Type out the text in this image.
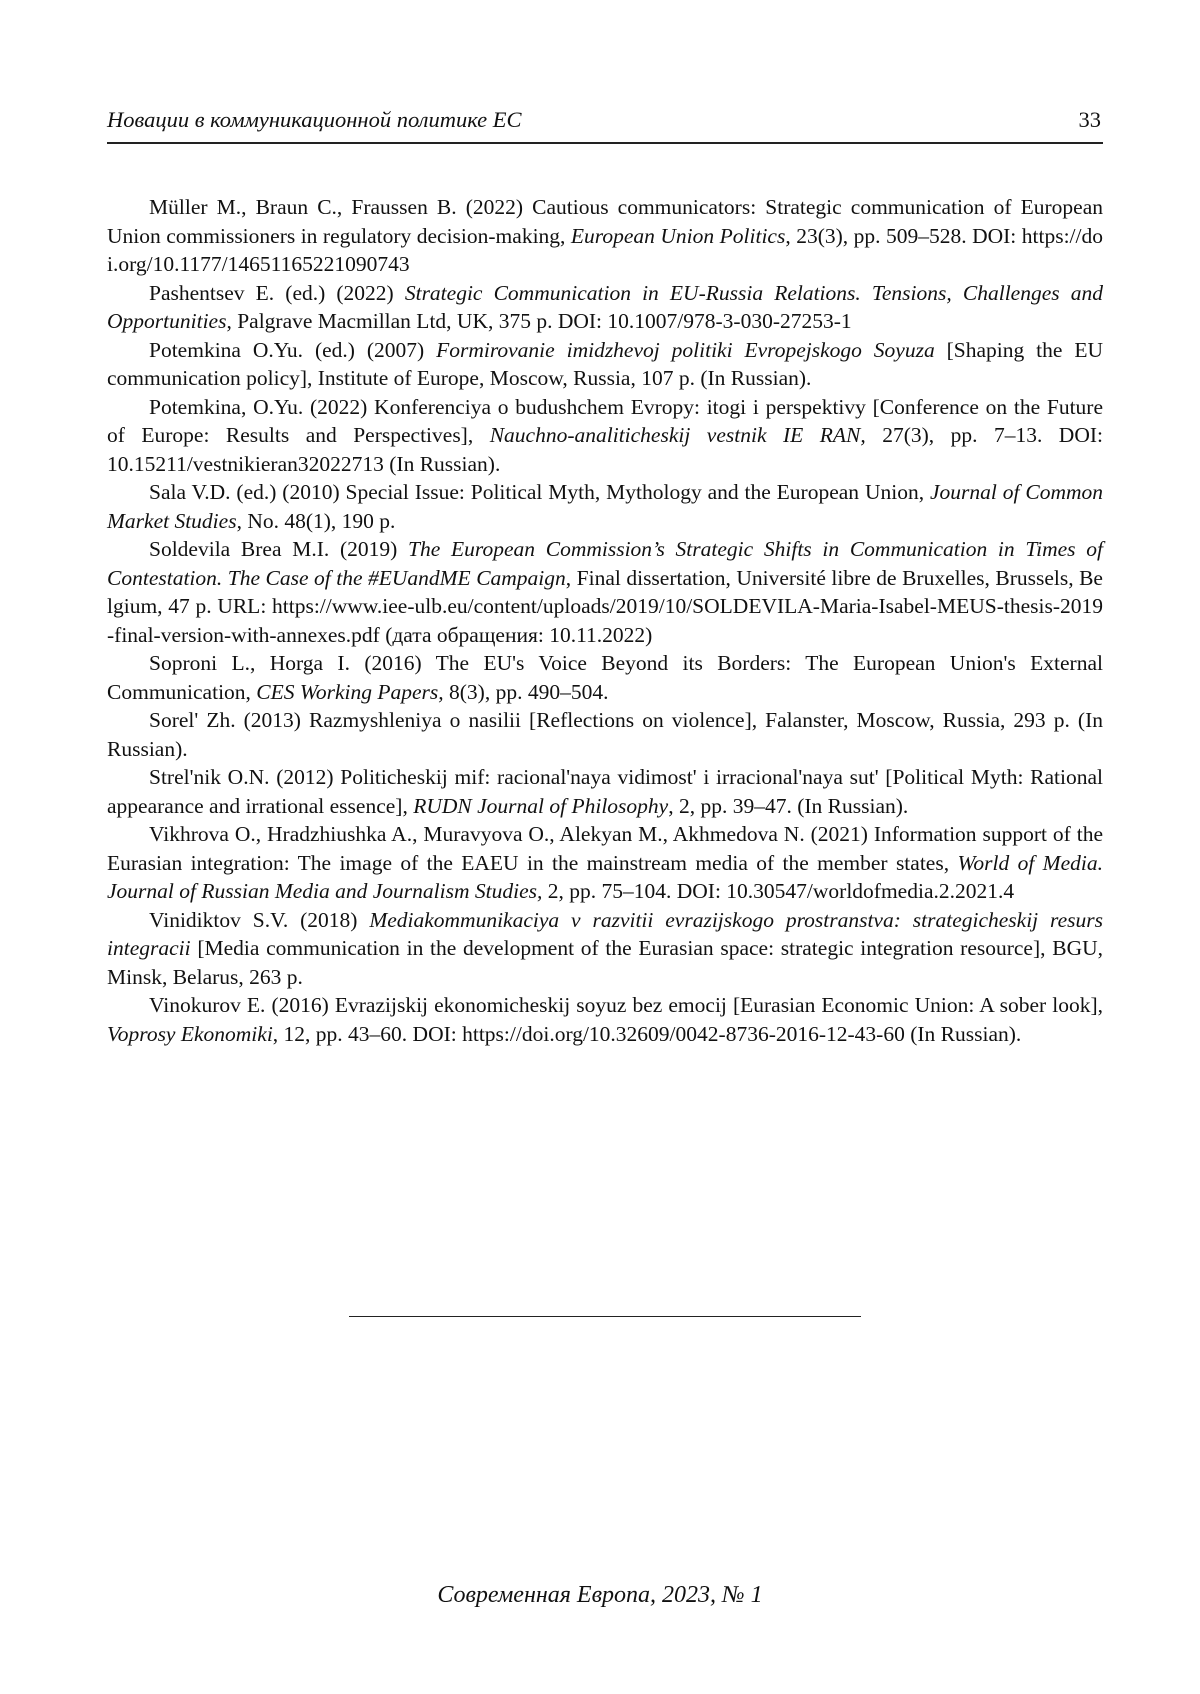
Новации в коммуникационной политике ЕС	33

Müller M., Braun C., Fraussen B. (2022) Cautious communicators: Strategic communication of European Union commissioners in regulatory decision-making, European Union Politics, 23(3), pp. 509–528. DOI: https://doi.org/10.1177/14651165221090743

Pashentsev E. (ed.) (2022) Strategic Communication in EU-Russia Relations. Tensions, Challenges and Opportunities, Palgrave Macmillan Ltd, UK, 375 p. DOI: 10.1007/978-3-030-27253-1

Potemkina O.Yu. (ed.) (2007) Formirovanie imidzhevoj politiki Evropejskogo Soyuza [Shaping the EU communication policy], Institute of Europe, Moscow, Russia, 107 p. (In Russian).

Potemkina, O.Yu. (2022) Konferenciya o budushchem Evropy: itogi i perspektivy [Conference on the Future of Europe: Results and Perspectives], Nauchno-analiticheskij vestnik IE RAN, 27(3), pp. 7–13. DOI: 10.15211/vestnikieran32022713 (In Russian).

Sala V.D. (ed.) (2010) Special Issue: Political Myth, Mythology and the European Union, Journal of Common Market Studies, No. 48(1), 190 p.

Soldevila Brea M.I. (2019) The European Commission’s Strategic Shifts in Communication in Times of Contestation. The Case of the #EUandME Campaign, Final dissertation, Université libre de Bruxelles, Brussels, Belgium, 47 p. URL: https://www.iee-ulb.eu/content/uploads/2019/10/SOLDEVILA-Maria-Isabel-MEUS-thesis-2019-final-version-with-annexes.pdf (дата обращения: 10.11.2022)

Soproni L., Horga I. (2016) The EU's Voice Beyond its Borders: The European Union's External Communication, CES Working Papers, 8(3), pp. 490–504.

Sorel' Zh. (2013) Razmyshleniya o nasilii [Reflections on violence], Falanster, Moscow, Russia, 293 p. (In Russian).

Strel'nik O.N. (2012) Politicheskij mif: racional'naya vidimost' i irracional'naya sut' [Political Myth: Rational appearance and irrational essence], RUDN Journal of Philosophy, 2, pp. 39–47. (In Russian).

Vikhrova O., Hradzhiushka A., Muravyova O., Alekyan M., Akhmedova N. (2021) Information support of the Eurasian integration: The image of the EAEU in the mainstream media of the member states, World of Media. Journal of Russian Media and Journalism Studies, 2, pp. 75–104. DOI: 10.30547/worldofmedia.2.2021.4

Vinidiktov S.V. (2018) Mediakommunikaciya v razvitii evrazijskogo prostranstva: strategicheskij resurs integracii [Media communication in the development of the Eurasian space: strategic integration resource], BGU, Minsk, Belarus, 263 p.

Vinokurov E. (2016) Evrazijskij ekonomicheskij soyuz bez emocij [Eurasian Economic Union: A sober look], Voprosy Ekonomiki, 12, pp. 43–60. DOI: https://doi.org/10.32609/0042-8736-2016-12-43-60 (In Russian).

Современная Европа, 2023, № 1
